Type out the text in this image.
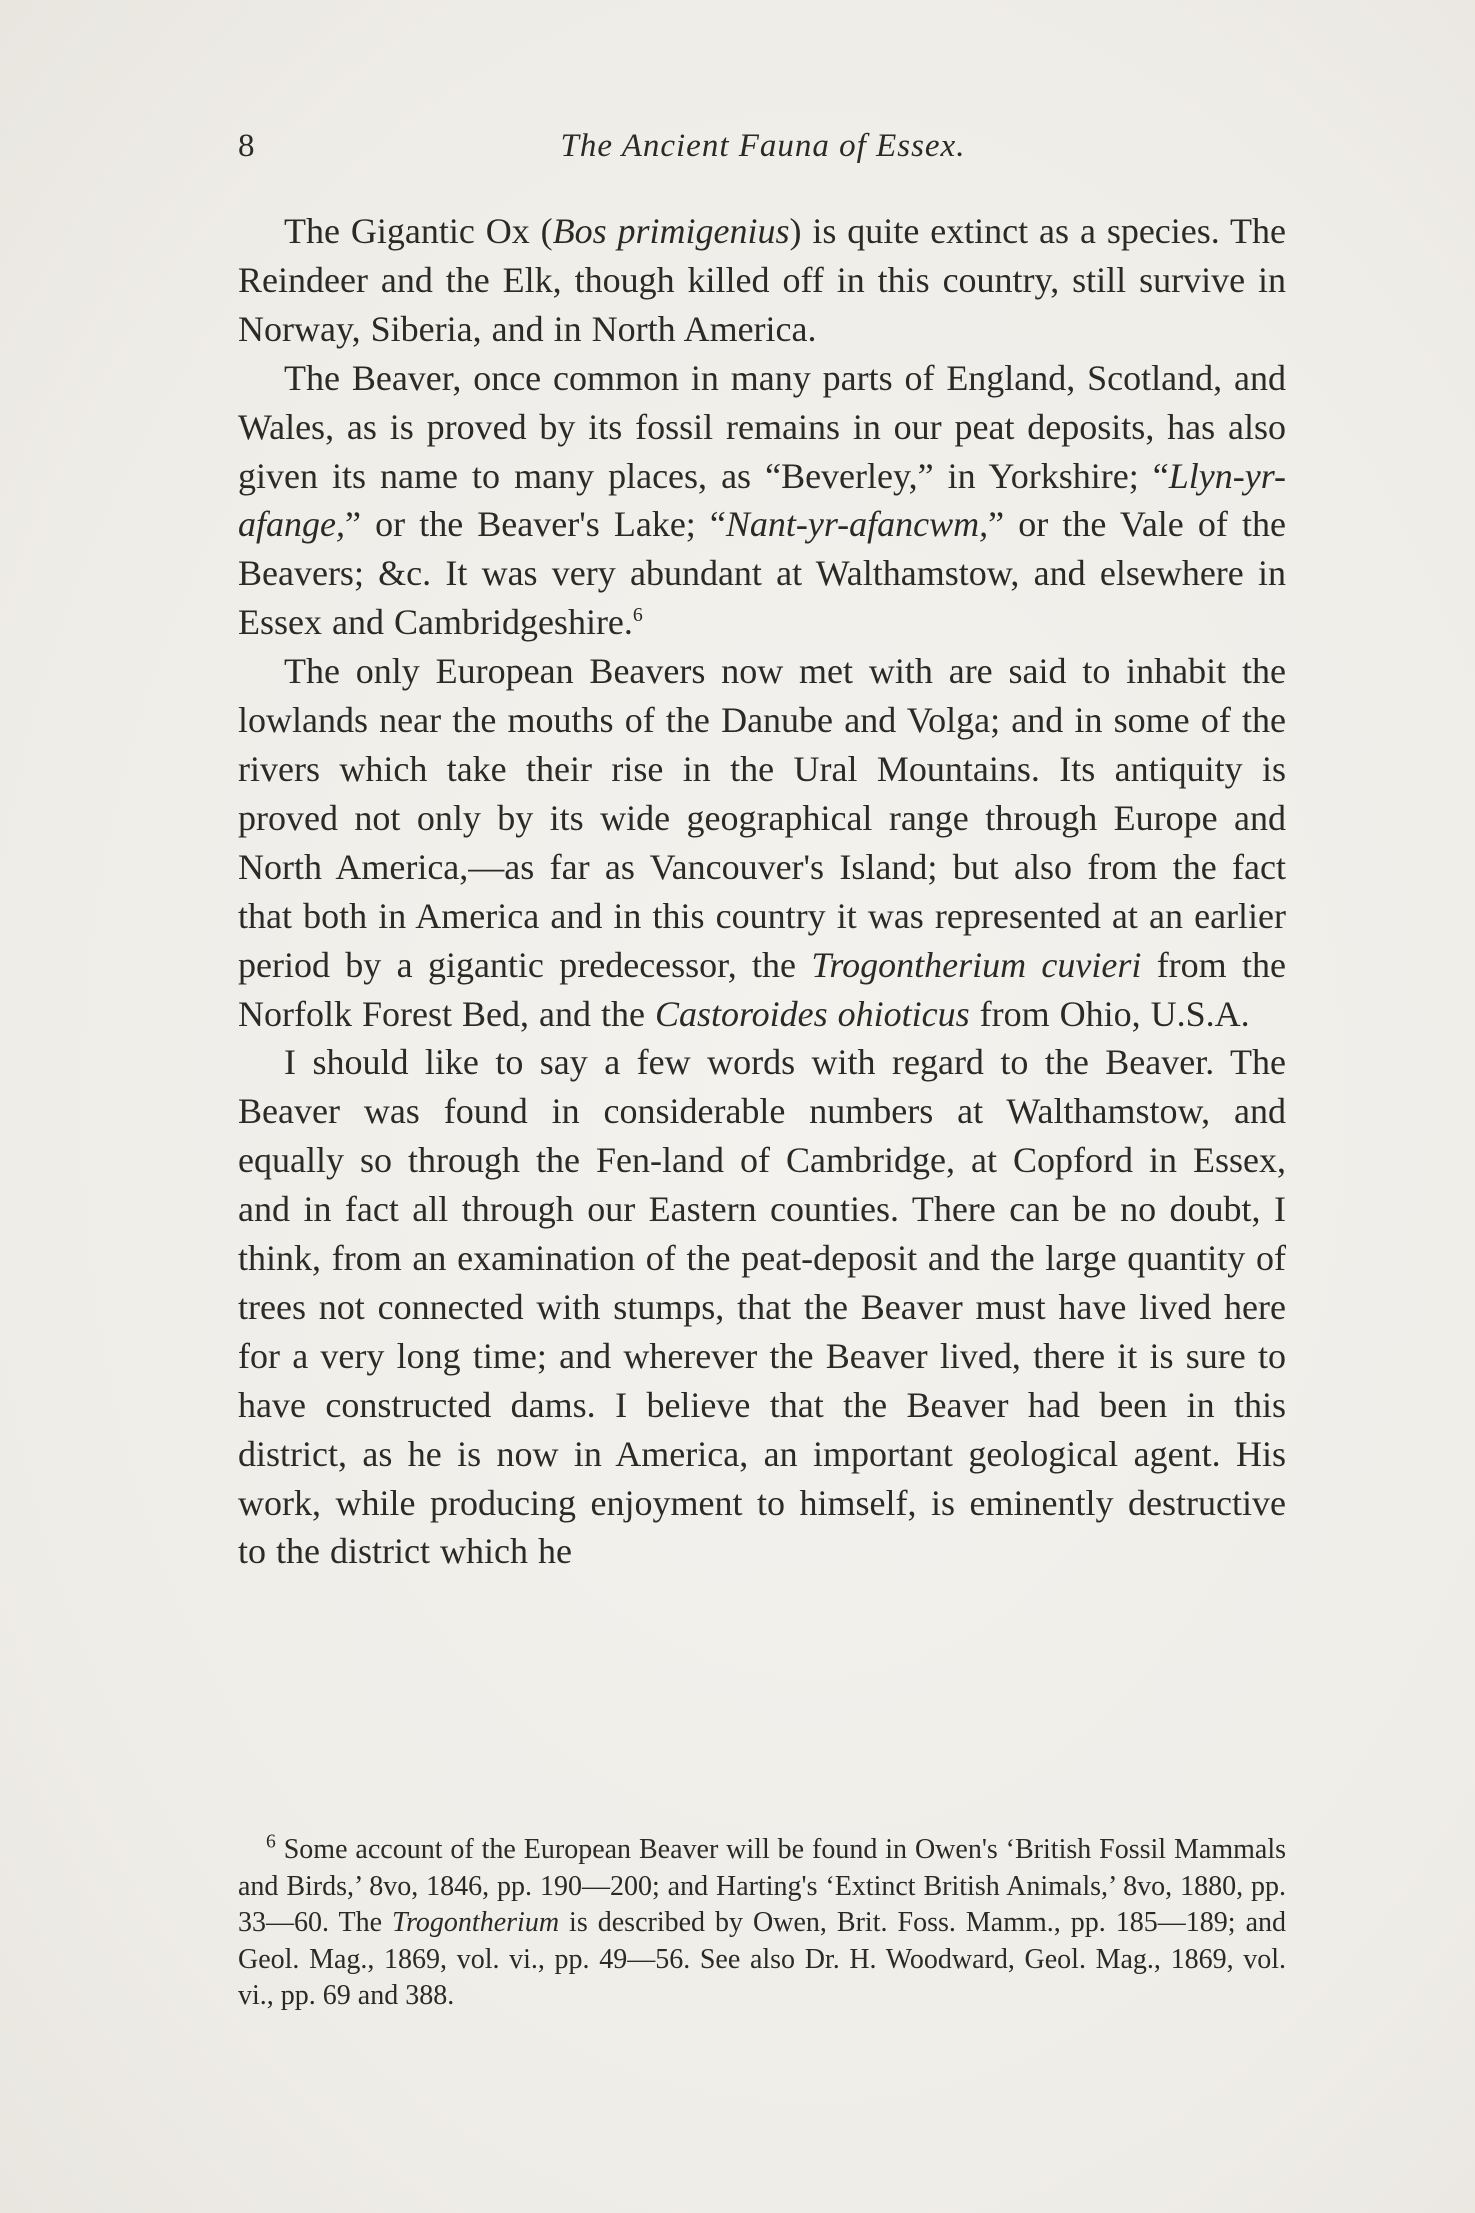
8	The Ancient Fauna of Essex.

The Gigantic Ox (Bos primigenius) is quite extinct as a species. The Reindeer and the Elk, though killed off in this country, still survive in Norway, Siberia, and in North America.

The Beaver, once common in many parts of England, Scotland, and Wales, as is proved by its fossil remains in our peat deposits, has also given its name to many places, as “Beverley,” in Yorkshire; “Llyn-yr-afange,” or the Beaver's Lake; “Nant-yr-afancwm,” or the Vale of the Beavers; &c. It was very abundant at Walthamstow, and elsewhere in Essex and Cambridgeshire.$^6$

The only European Beavers now met with are said to inhabit the lowlands near the mouths of the Danube and Volga; and in some of the rivers which take their rise in the Ural Mountains. Its antiquity is proved not only by its wide geographical range through Europe and North America,—as far as Vancouver's Island; but also from the fact that both in America and in this country it was represented at an earlier period by a gigantic predecessor, the Trogontherium cuvieri from the Norfolk Forest Bed, and the Castoroides ohioticus from Ohio, U.S.A.

I should like to say a few words with regard to the Beaver. The Beaver was found in considerable numbers at Walthamstow, and equally so through the Fen-land of Cambridge, at Copford in Essex, and in fact all through our Eastern counties. There can be no doubt, I think, from an examination of the peat-deposit and the large quantity of trees not connected with stumps, that the Beaver must have lived here for a very long time; and wherever the Beaver lived, there it is sure to have constructed dams. I believe that the Beaver had been in this district, as he is now in America, an important geological agent. His work, while producing enjoyment to himself, is eminently destructive to the district which he

$^6$ Some account of the European Beaver will be found in Owen's ‘British Fossil Mammals and Birds,’ 8vo, 1846, pp. 190—200; and Harting's ‘Extinct British Animals,’ 8vo, 1880, pp. 33—60. The Trogontherium is described by Owen, Brit. Foss. Mamm., pp. 185—189; and Geol. Mag., 1869, vol. vi., pp. 49—56. See also Dr. H. Woodward, Geol. Mag., 1869, vol. vi., pp. 69 and 388.
